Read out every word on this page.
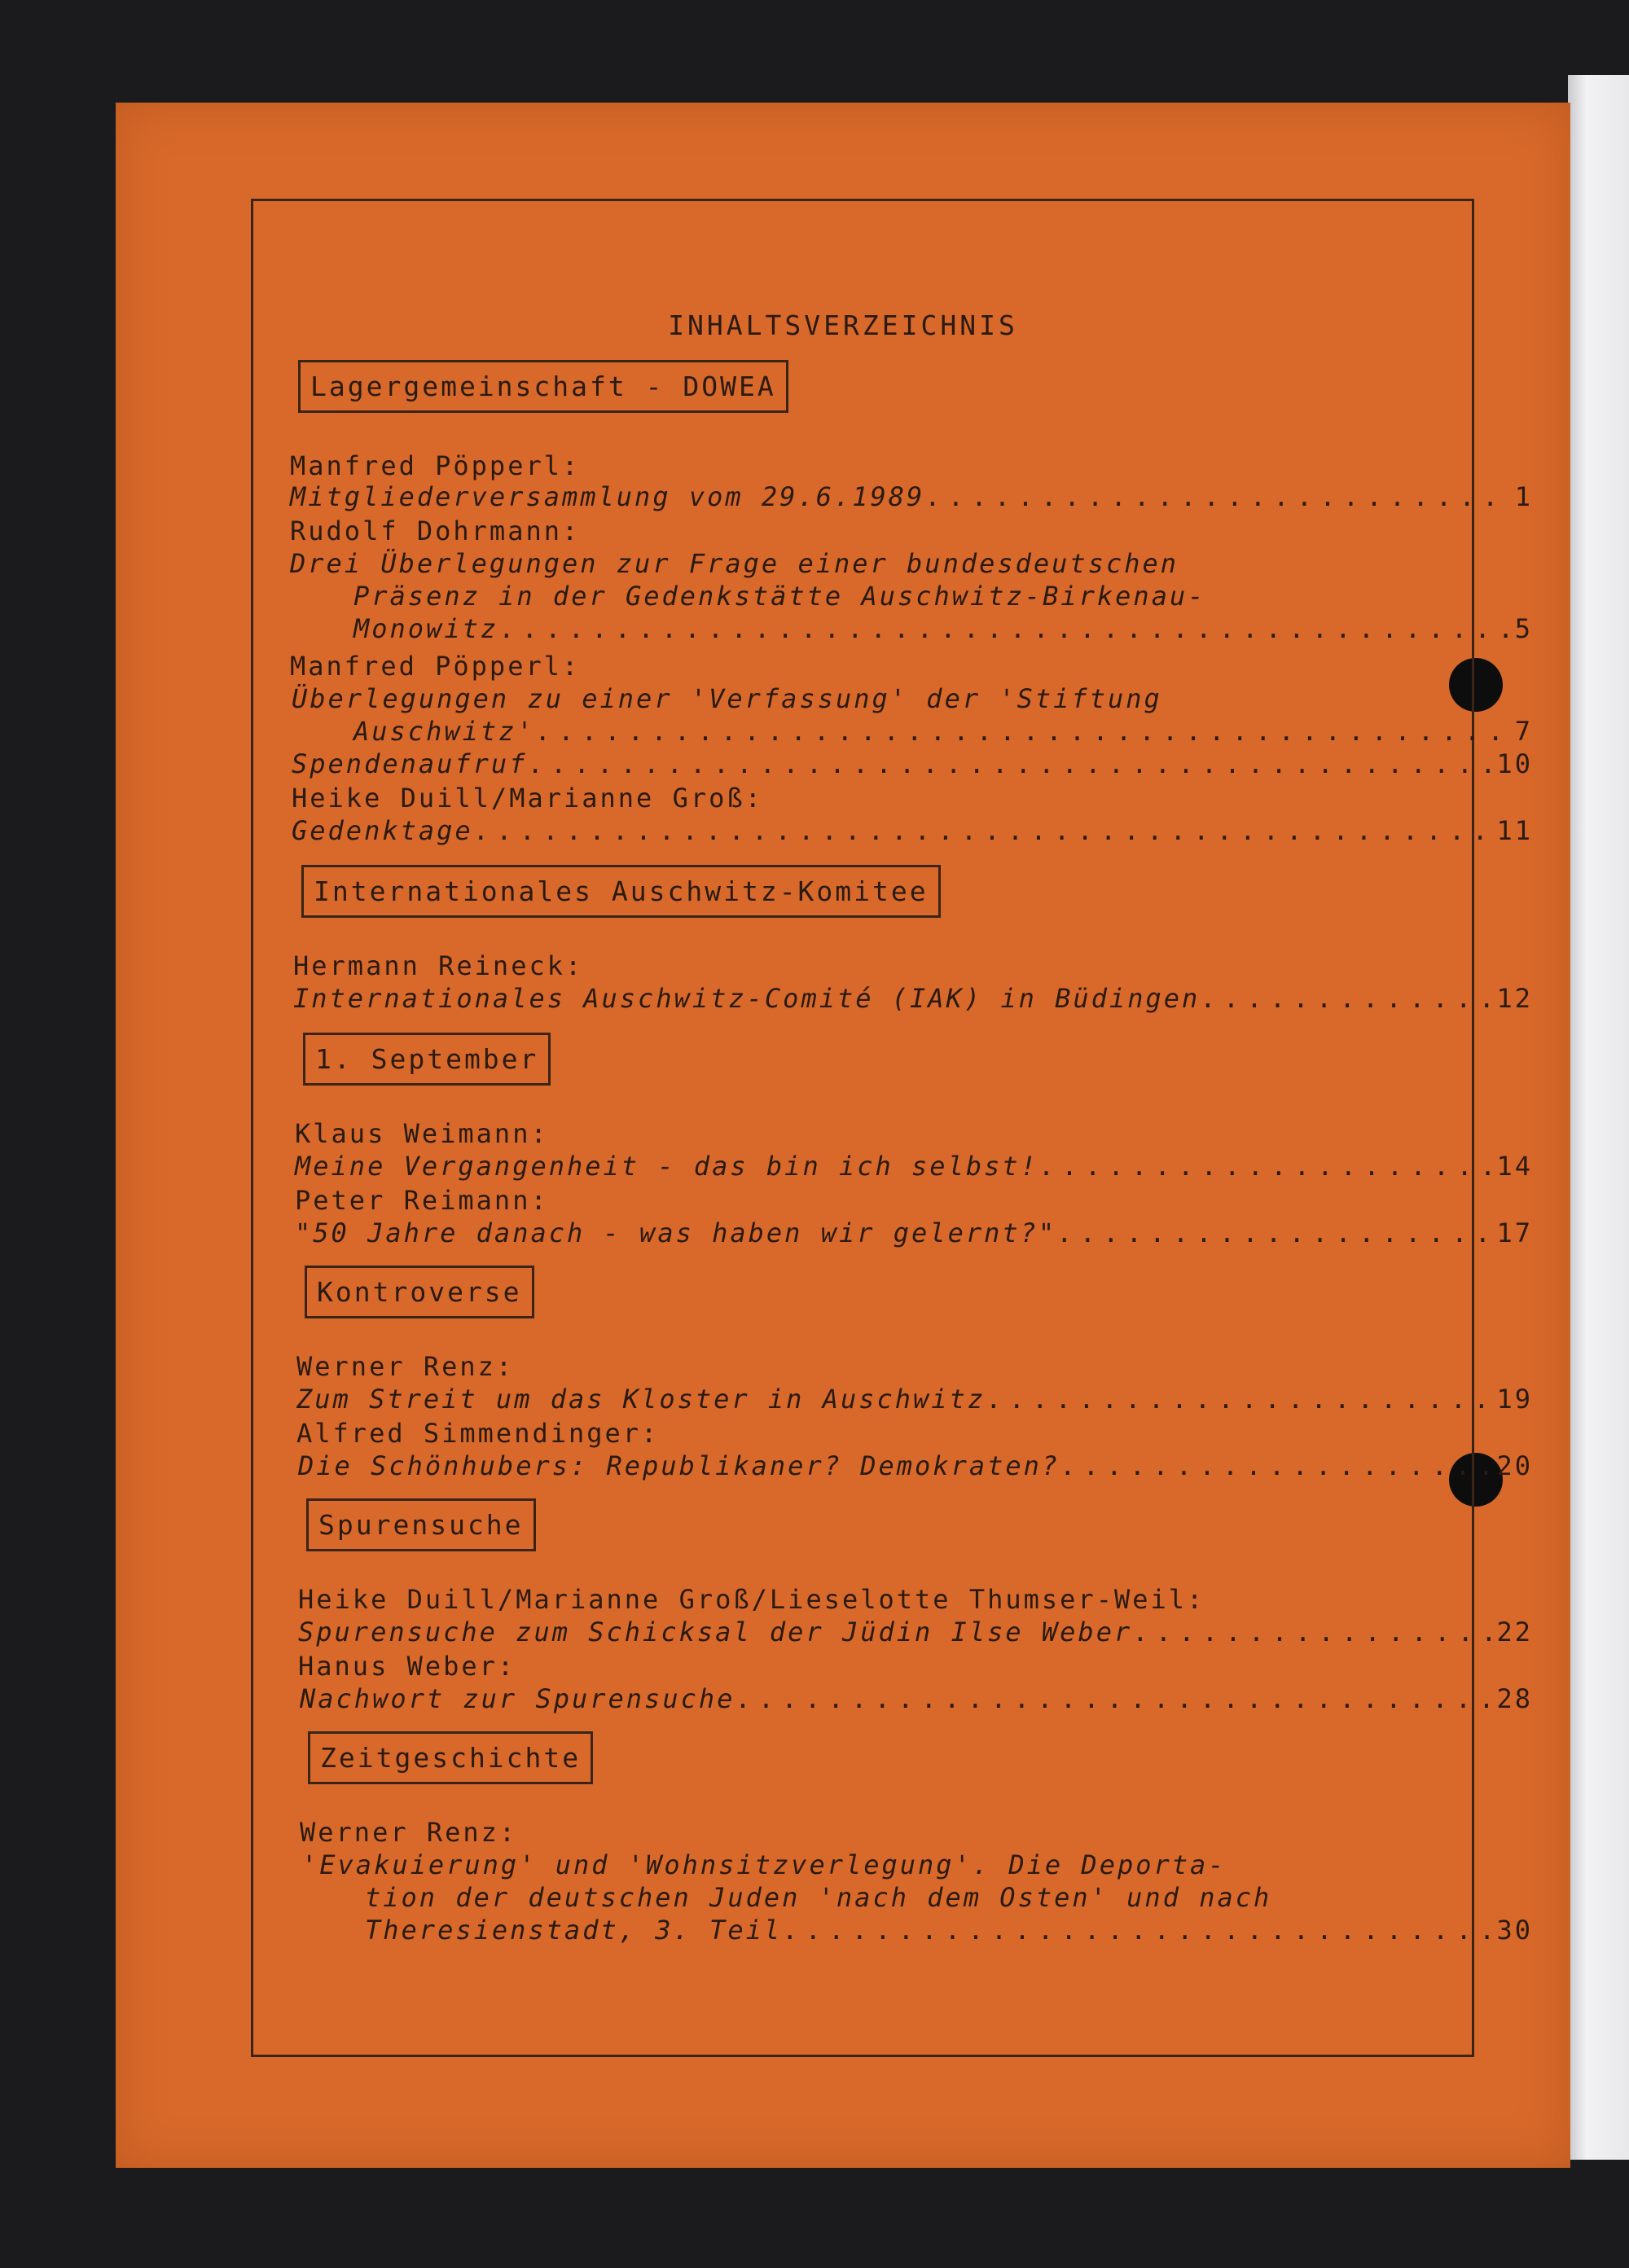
INHALTSVERZEICHNIS
Lagergemeinschaft - DOWEA
Manfred Pöpperl:
Mitgliederversammlung vom 29.6.1989 . . .	1
Rudolf Dohrmann:
Drei Überlegungen zur Frage einer bundesdeutschen
Präsenz in der Gedenkstätte Auschwitz-Birkenau-
Monowitz . . .	5
Manfred Pöpperl:
Überlegungen zu einer 'Verfassung' der 'Stiftung
Auschwitz' . . .	7
Spendenaufruf . . .	10
Heike Duill/Marianne Groß:
Gedenktage . . .	11
Internationales Auschwitz-Komitee
Hermann Reineck:
Internationales Auschwitz-Comité (IAK) in Büdingen . . .	12
1. September
Klaus Weimann:
Meine Vergangenheit - das bin ich selbst! . . .	14
Peter Reimann:
"50 Jahre danach - was haben wir gelernt?" . . .	17
Kontroverse
Werner Renz:
Zum Streit um das Kloster in Auschwitz . . .	19
Alfred Simmendinger:
Die Schönhubers: Republikaner? Demokraten? . . .	20
Spurensuche
Heike Duill/Marianne Groß/Lieselotte Thumser-Weil:
Spurensuche zum Schicksal der Jüdin Ilse Weber . . .	22
Hanus Weber:
Nachwort zur Spurensuche . . .	28
Zeitgeschichte
Werner Renz:
'Evakuierung' und 'Wohnsitzverlegung'. Die Deporta-
tion der deutschen Juden 'nach dem Osten' und nach
Theresienstadt, 3. Teil . . .	30
